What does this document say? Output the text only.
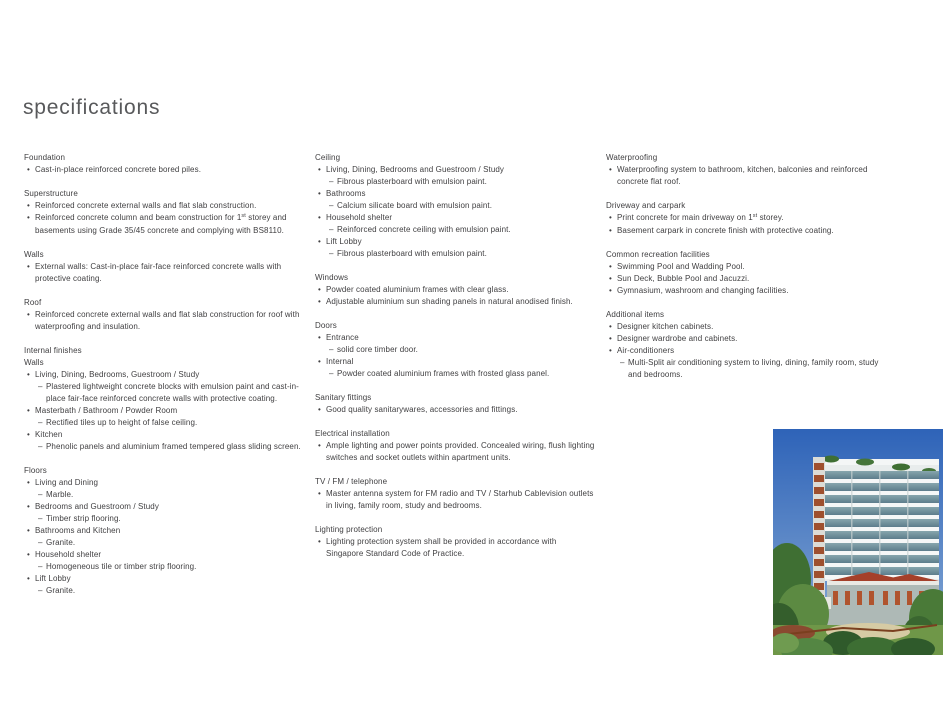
specifications
Foundation
• Cast-in-place reinforced concrete bored piles.
Superstructure
• Reinforced concrete external walls and flat slab construction.
• Reinforced concrete column and beam construction for 1st storey and basements using Grade 35/45 concrete and complying with BS8110.
Walls
• External walls: Cast-in-place fair-face reinforced concrete walls with protective coating.
Roof
• Reinforced concrete external walls and flat slab construction for roof with waterproofing and insulation.
Internal finishes
Walls
• Living, Dining, Bedrooms, Guestroom / Study
– Plastered lightweight concrete blocks with emulsion paint and cast-in-place fair-face reinforced concrete walls with protective coating.
• Masterbath / Bathroom / Powder Room
– Rectified tiles up to height of false ceiling.
• Kitchen
– Phenolic panels and aluminium framed tempered glass sliding screen.
Floors
• Living and Dining
– Marble.
• Bedrooms and Guestroom / Study
– Timber strip flooring.
• Bathrooms and Kitchen
– Granite.
• Household shelter
– Homogeneous tile or timber strip flooring.
• Lift Lobby
– Granite.
Ceiling
• Living, Dining, Bedrooms and Guestroom / Study
– Fibrous plasterboard with emulsion paint.
• Bathrooms
– Calcium silicate board with emulsion paint.
• Household shelter
– Reinforced concrete ceiling with emulsion paint.
• Lift Lobby
– Fibrous plasterboard with emulsion paint.
Windows
• Powder coated aluminium frames with clear glass.
• Adjustable aluminium sun shading panels in natural anodised finish.
Doors
• Entrance
– solid core timber door.
• Internal
– Powder coated aluminium frames with frosted glass panel.
Sanitary fittings
• Good quality sanitarywares, accessories and fittings.
Electrical installation
• Ample lighting and power points provided. Concealed wiring, flush lighting switches and socket outlets within apartment units.
TV / FM / telephone
• Master antenna system for FM radio and TV / Starhub Cablevision outlets in living, family room, study and bedrooms.
Lighting protection
• Lighting protection system shall be provided in accordance with Singapore Standard Code of Practice.
Waterproofing
• Waterproofing system to bathroom, kitchen, balconies and reinforced concrete flat roof.
Driveway and carpark
• Print concrete for main driveway on 1st storey.
• Basement carpark in concrete finish with protective coating.
Common recreation facilities
• Swimming Pool and Wadding Pool.
• Sun Deck, Bubble Pool and Jacuzzi.
• Gymnasium, washroom and changing facilities.
Additional items
• Designer kitchen cabinets.
• Designer wardrobe and cabinets.
• Air-conditioners
– Multi-Split air conditioning system to living, dining, family room, study and bedrooms.
